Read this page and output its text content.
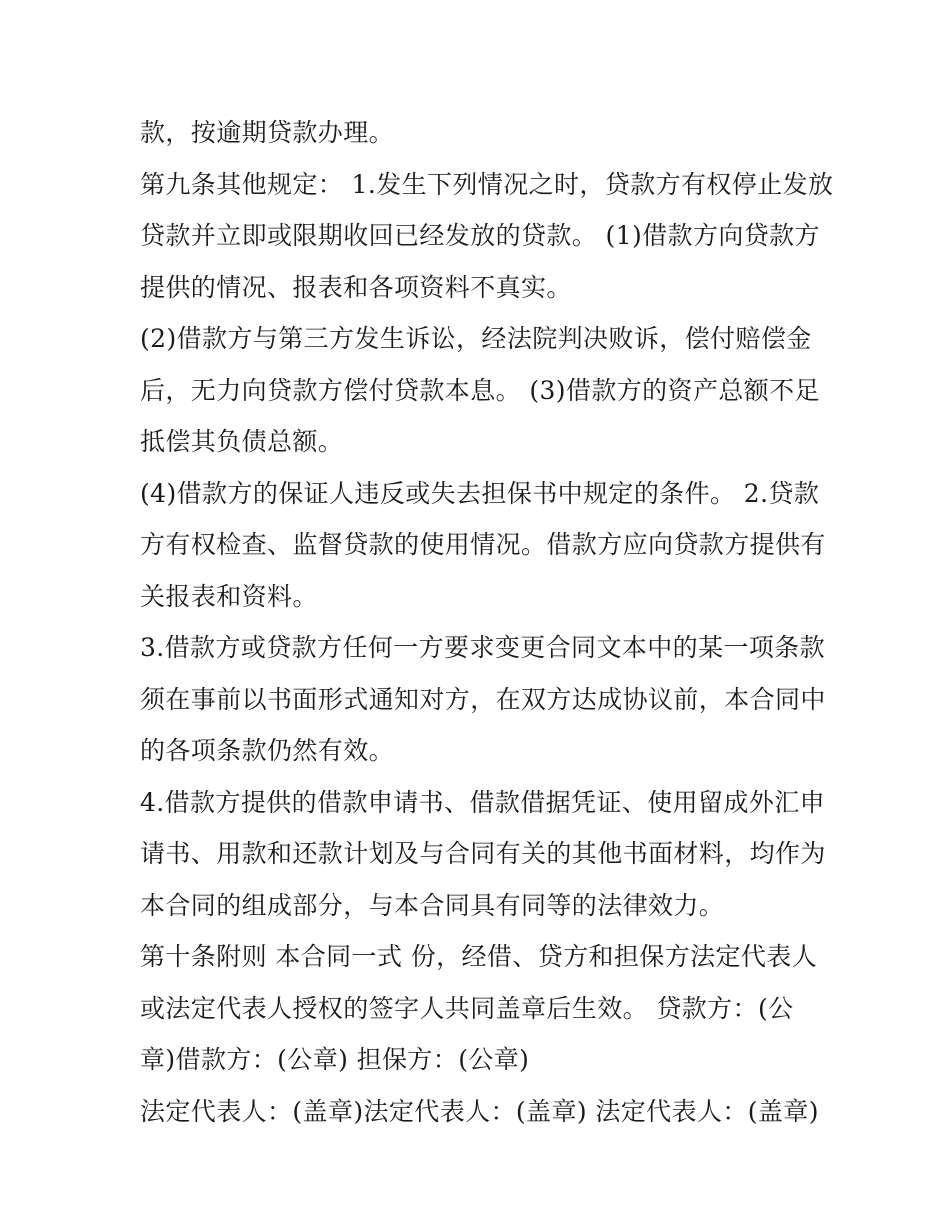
款，按逾期贷款办理。
第九条其他规定： 1.发生下列情况之时，贷款方有权停止发放
贷款并立即或限期收回已经发放的贷款。 (1)借款方向贷款方
提供的情况、报表和各项资料不真实。
(2)借款方与第三方发生诉讼，经法院判决败诉，偿付赔偿金
后，无力向贷款方偿付贷款本息。 (3)借款方的资产总额不足
抵偿其负债总额。
(4)借款方的保证人违反或失去担保书中规定的条件。 2.贷款
方有权检查、监督贷款的使用情况。借款方应向贷款方提供有
关报表和资料。
3.借款方或贷款方任何一方要求变更合同文本中的某一项条款
须在事前以书面形式通知对方，在双方达成协议前，本合同中
的各项条款仍然有效。
4.借款方提供的借款申请书、借款借据凭证、使用留成外汇申
请书、用款和还款计划及与合同有关的其他书面材料，均作为
本合同的组成部分，与本合同具有同等的法律效力。
第十条附则 本合同一式 份，经借、贷方和担保方法定代表人
或法定代表人授权的签字人共同盖章后生效。 贷款方：(公
章)借款方：(公章) 担保方：(公章)
法定代表人：(盖章)法定代表人：(盖章) 法定代表人：(盖章)
